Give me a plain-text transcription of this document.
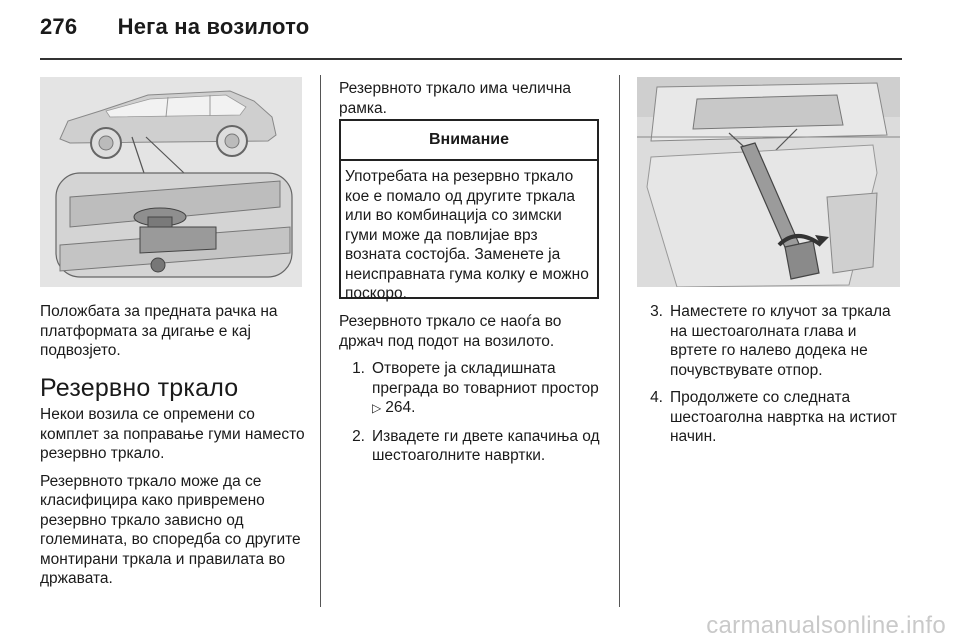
276 Нега на возилото

Положбата за предната рачка на платформата за дигање е кај подвозјето.

Резервно тркало

Некои возила се опремени со комплет за поправање гуми наместо резервно тркало.

Резервното тркало може да се класифицира како привремено резервно тркало зависно од големината, во споредба со другите монтирани тркала и правилата во државата.

Резервното тркало има челична рамка.

Внимание
Употребата на резервно тркало кое е помало од другите тркала или во комбинација со зимски гуми може да повлијае врз возната состојба. Заменете ја неисправната гума колку е можно поскоро.

Резервното тркало се наоѓа во држач под подот на возилото.

1. Отворете ја складишната преграда во товарниот простор
▷ 264.
2. Извадете ги двете капачиња од шестоаголните навртки.
3. Наместете го клучот за тркала на шестоаголната глава и вртете го налево додека не почувствувате отпор.
4. Продолжете со следната шестоаголна навртка на истиот начин.
carmanualsonline.info
